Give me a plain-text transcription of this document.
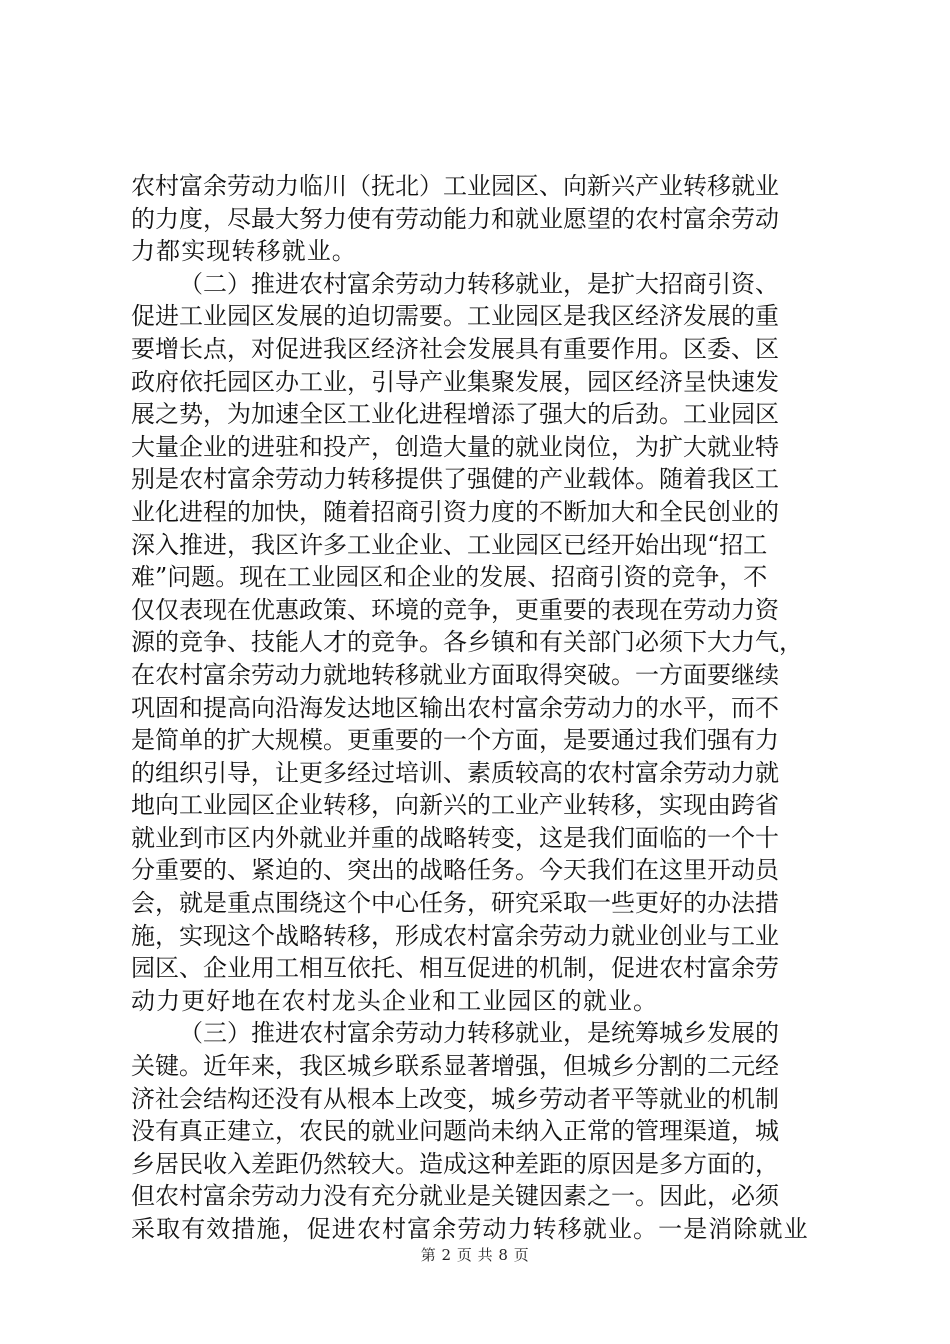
农村富余劳动力临川（抚北）工业园区、向新兴产业转移就业
的力度，尽最大努力使有劳动能力和就业愿望的农村富余劳动
力都实现转移就业。
（二）推进农村富余劳动力转移就业，是扩大招商引资、
促进工业园区发展的迫切需要。工业园区是我区经济发展的重
要增长点，对促进我区经济社会发展具有重要作用。区委、区
政府依托园区办工业，引导产业集聚发展，园区经济呈快速发
展之势，为加速全区工业化进程增添了强大的后劲。工业园区
大量企业的进驻和投产，创造大量的就业岗位，为扩大就业特
别是农村富余劳动力转移提供了强健的产业载体。随着我区工
业化进程的加快，随着招商引资力度的不断加大和全民创业的
深入推进，我区许多工业企业、工业园区已经开始出现“招工
难”问题。现在工业园区和企业的发展、招商引资的竞争，不
仅仅表现在优惠政策、环境的竞争，更重要的表现在劳动力资
源的竞争、技能人才的竞争。各乡镇和有关部门必须下大力气，
在农村富余劳动力就地转移就业方面取得突破。一方面要继续
巩固和提高向沿海发达地区输出农村富余劳动力的水平，而不
是简单的扩大规模。更重要的一个方面，是要通过我们强有力
的组织引导，让更多经过培训、素质较高的农村富余劳动力就
地向工业园区企业转移，向新兴的工业产业转移，实现由跨省
就业到市区内外就业并重的战略转变，这是我们面临的一个十
分重要的、紧迫的、突出的战略任务。今天我们在这里开动员
会，就是重点围绕这个中心任务，研究采取一些更好的办法措
施，实现这个战略转移，形成农村富余劳动力就业创业与工业
园区、企业用工相互依托、相互促进的机制，促进农村富余劳
动力更好地在农村龙头企业和工业园区的就业。
（三）推进农村富余劳动力转移就业，是统筹城乡发展的
关键。近年来，我区城乡联系显著增强，但城乡分割的二元经
济社会结构还没有从根本上改变，城乡劳动者平等就业的机制
没有真正建立，农民的就业问题尚未纳入正常的管理渠道，城
乡居民收入差距仍然较大。造成这种差距的原因是多方面的，
但农村富余劳动力没有充分就业是关键因素之一。因此，必须
采取有效措施，促进农村富余劳动力转移就业。一是消除就业
第 2 页 共 8 页
